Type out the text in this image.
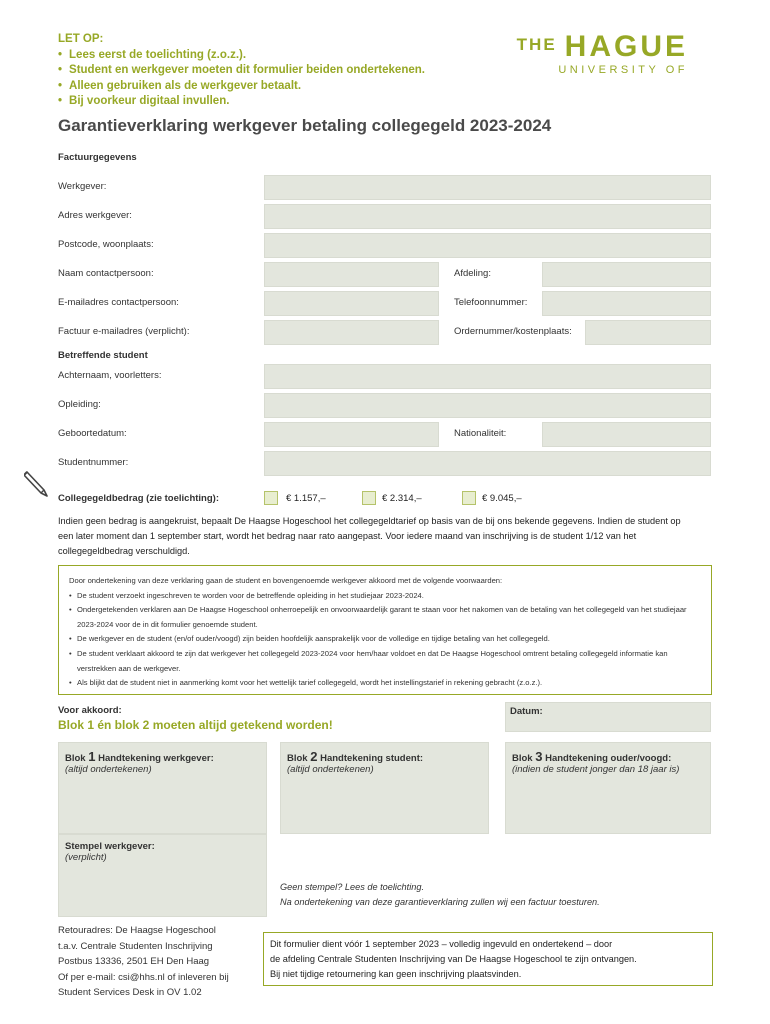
LET OP:
• Lees eerst de toelichting (z.o.z.).
• Student en werkgever moeten dit formulier beiden ondertekenen.
• Alleen gebruiken als de werkgever betaalt.
• Bij voorkeur digitaal invullen.
THE HAGUE
UNIVERSITY OF
Garantieverklaring werkgever betaling collegegeld 2023-2024
Factuurgegevens
Werkgever:
Adres werkgever:
Postcode, woonplaats:
Naam contactpersoon:	Afdeling:
E-mailadres contactpersoon:	Telefoonnummer:
Factuur e-mailadres (verplicht):	Ordernummer/kostenplaats:
Betreffende student
Achternaam, voorletters:
Opleiding:
Geboortedatum:	Nationaliteit:
Studentnummer:
Collegegeldbedrag (zie toelichting):	€ 1.157,–	€ 2.314,–	€ 9.045,–
Indien geen bedrag is aangekruist, bepaalt De Haagse Hogeschool het collegegeldtarief op basis van de bij ons bekende gegevens. Indien de student op een later moment dan 1 september start, wordt het bedrag naar rato aangepast. Voor iedere maand van inschrijving is de student 1/12 van het collegegeldbedrag verschuldigd.
Door ondertekening van deze verklaring gaan de student en bovengenoemde werkgever akkoord met de volgende voorwaarden:
• De student verzoekt ingeschreven te worden voor de betreffende opleiding in het studiejaar 2023-2024.
• Ondergetekenden verklaren aan De Haagse Hogeschool onherroepelijk en onvoorwaardelijk garant te staan voor het nakomen van de betaling van het collegegeld van het studiejaar 2023-2024 voor de in dit formulier genoemde student.
• De werkgever en de student (en/of ouder/voogd) zijn beiden hoofdelijk aansprakelijk voor de volledige en tijdige betaling van het collegegeld.
• De student verklaart akkoord te zijn dat werkgever het collegegeld 2023-2024 voor hem/haar voldoet en dat De Haagse Hogeschool omtrent betaling collegegeld informatie kan verstrekken aan de werkgever.
• Als blijkt dat de student niet in aanmerking komt voor het wettelijk tarief collegegeld, wordt het instellingstarief in rekening gebracht (z.o.z.).
Voor akkoord:
Blok 1 én blok 2 moeten altijd getekend worden!
Datum:
Blok 1 Handtekening werkgever:
(altijd ondertekenen)
Blok 2 Handtekening student:
(altijd ondertekenen)
Blok 3 Handtekening ouder/voogd:
(indien de student jonger dan 18 jaar is)
Stempel werkgever:
(verplicht)
Geen stempel? Lees de toelichting.
Na ondertekening van deze garantieverklaring zullen wij een factuur toesturen.
Retouradres: De Haagse Hogeschool
t.a.v. Centrale Studenten Inschrijving
Postbus 13336, 2501 EH Den Haag
Of per e-mail: csi@hhs.nl of inleveren bij
Student Services Desk in OV 1.02
Dit formulier dient vóór 1 september 2023 – volledig ingevuld en ondertekend – door
de afdeling Centrale Studenten Inschrijving van De Haagse Hogeschool te zijn ontvangen.
Bij niet tijdige retournering kan geen inschrijving plaatsvinden.
